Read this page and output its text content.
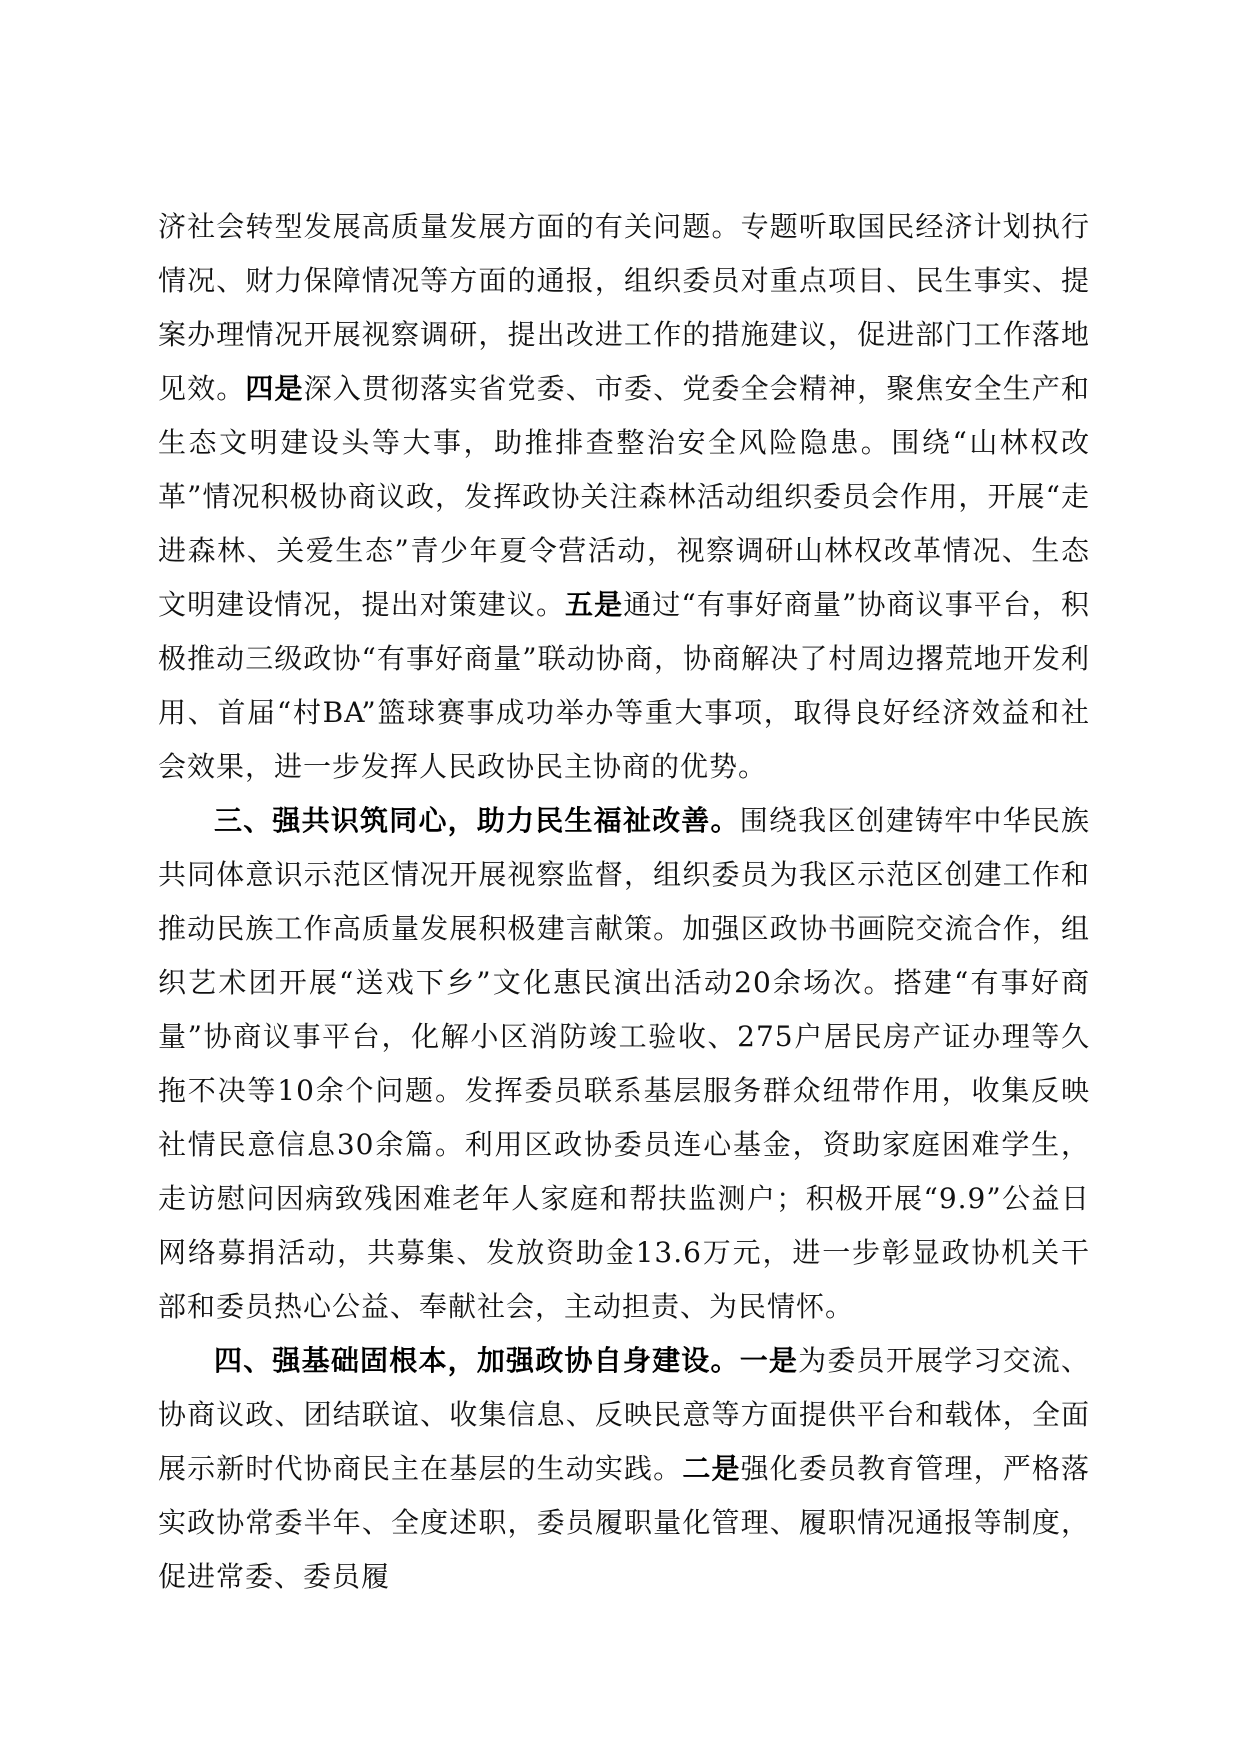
济社会转型发展高质量发展方面的有关问题。专题听取国民经济计划执行情况、财力保障情况等方面的通报，组织委员对重点项目、民生事实、提案办理情况开展视察调研，提出改进工作的措施建议，促进部门工作落地见效。四是深入贯彻落实省党委、市委、党委全会精神，聚焦安全生产和生态文明建设头等大事，助推排查整治安全风险隐患。围绕“山林权改革”情况积极协商议政，发挥政协关注森林活动组织委员会作用，开展“走进森林、关爱生态”青少年夏令营活动，视察调研山林权改革情况、生态文明建设情况，提出对策建议。五是通过“有事好商量”协商议事平台，积极推动三级政协“有事好商量”联动协商，协商解决了村周边撂荒地开发利用、首届“村BA”篮球赛事成功举办等重大事项，取得良好经济效益和社会效果，进一步发挥人民政协民主协商的优势。

三、强共识筑同心，助力民生福祉改善。围绕我区创建铸牢中华民族共同体意识示范区情况开展视察监督，组织委员为我区示范区创建工作和推动民族工作高质量发展积极建言献策。加强区政协书画院交流合作，组织艺术团开展“送戏下乡”文化惠民演出活动20余场次。搭建“有事好商量”协商议事平台，化解小区消防竣工验收、275户居民房产证办理等久拖不决等10余个问题。发挥委员联系基层服务群众纽带作用，收集反映社情民意信息30余篇。利用区政协委员连心基金，资助家庭困难学生，走访慰问因病致残困难老年人家庭和帮扶监测户；积极开展“9.9”公益日网络募捐活动，共募集、发放资助金13.6万元，进一步彰显政协机关干部和委员热心公益、奉献社会，主动担责、为民情怀。

四、强基础固根本，加强政协自身建设。一是为委员开展学习交流、协商议政、团结联谊、收集信息、反映民意等方面提供平台和载体，全面展示新时代协商民主在基层的生动实践。二是强化委员教育管理，严格落实政协常委半年、全度述职，委员履职量化管理、履职情况通报等制度，促进常委、委员履
